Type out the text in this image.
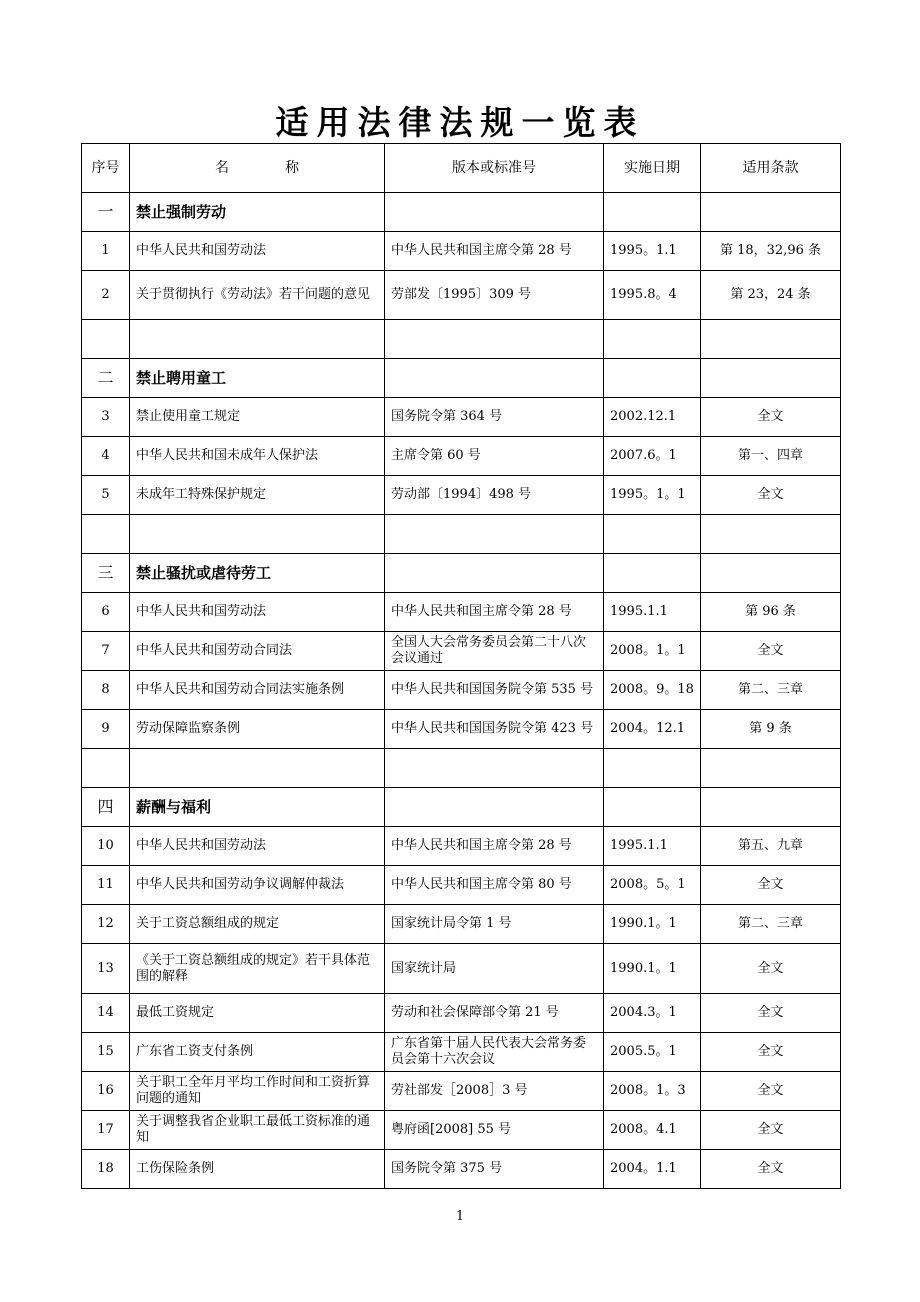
适用法律法规一览表
序号	名称	版本或标准号	实施日期	适用条款
一	禁止强制劳动			
1	中华人民共和国劳动法	中华人民共和国主席令第 28 号	1995。1.1	第 18，32,96 条
2	关于贯彻执行《劳动法》若干问题的意见	劳部发〔1995〕309 号	1995.8。4	第 23，24 条

二	禁止聘用童工			
3	禁止使用童工规定	国务院令第 364 号	2002.12.1	全文
4	中华人民共和国未成年人保护法	主席令第 60 号	2007.6。1	第一、四章
5	未成年工特殊保护规定	劳动部〔1994〕498 号	1995。1。1	全文

三	禁止骚扰或虐待劳工			
6	中华人民共和国劳动法	中华人民共和国主席令第 28 号	1995.1.1	第 96 条
7	中华人民共和国劳动合同法	全国人大会常务委员会第二十八次会议通过	2008。1。1	全文
8	中华人民共和国劳动合同法实施条例	中华人民共和国国务院令第 535 号	2008。9。18	第二、三章
9	劳动保障监察条例	中华人民共和国国务院令第 423 号	2004。12.1	第 9 条

四	薪酬与福利			
10	中华人民共和国劳动法	中华人民共和国主席令第 28 号	1995.1.1	第五、九章
11	中华人民共和国劳动争议调解仲裁法	中华人民共和国主席令第 80 号	2008。5。1	全文
12	关于工资总额组成的规定	国家统计局令第 1 号	1990.1。1	第二、三章
13	《关于工资总额组成的规定》若干具体范围的解释	国家统计局	1990.1。1	全文
14	最低工资规定	劳动和社会保障部令第 21 号	2004.3。1	全文
15	广东省工资支付条例	广东省第十届人民代表大会常务委员会第十六次会议	2005.5。1	全文
16	关于职工全年月平均工作时间和工资折算问题的通知	劳社部发［2008］3 号	2008。1。3	全文
17	关于调整我省企业职工最低工资标准的通知	粤府函[2008] 55 号	2008。4.1	全文
18	工伤保险条例	国务院令第 375 号	2004。1.1	全文
1
